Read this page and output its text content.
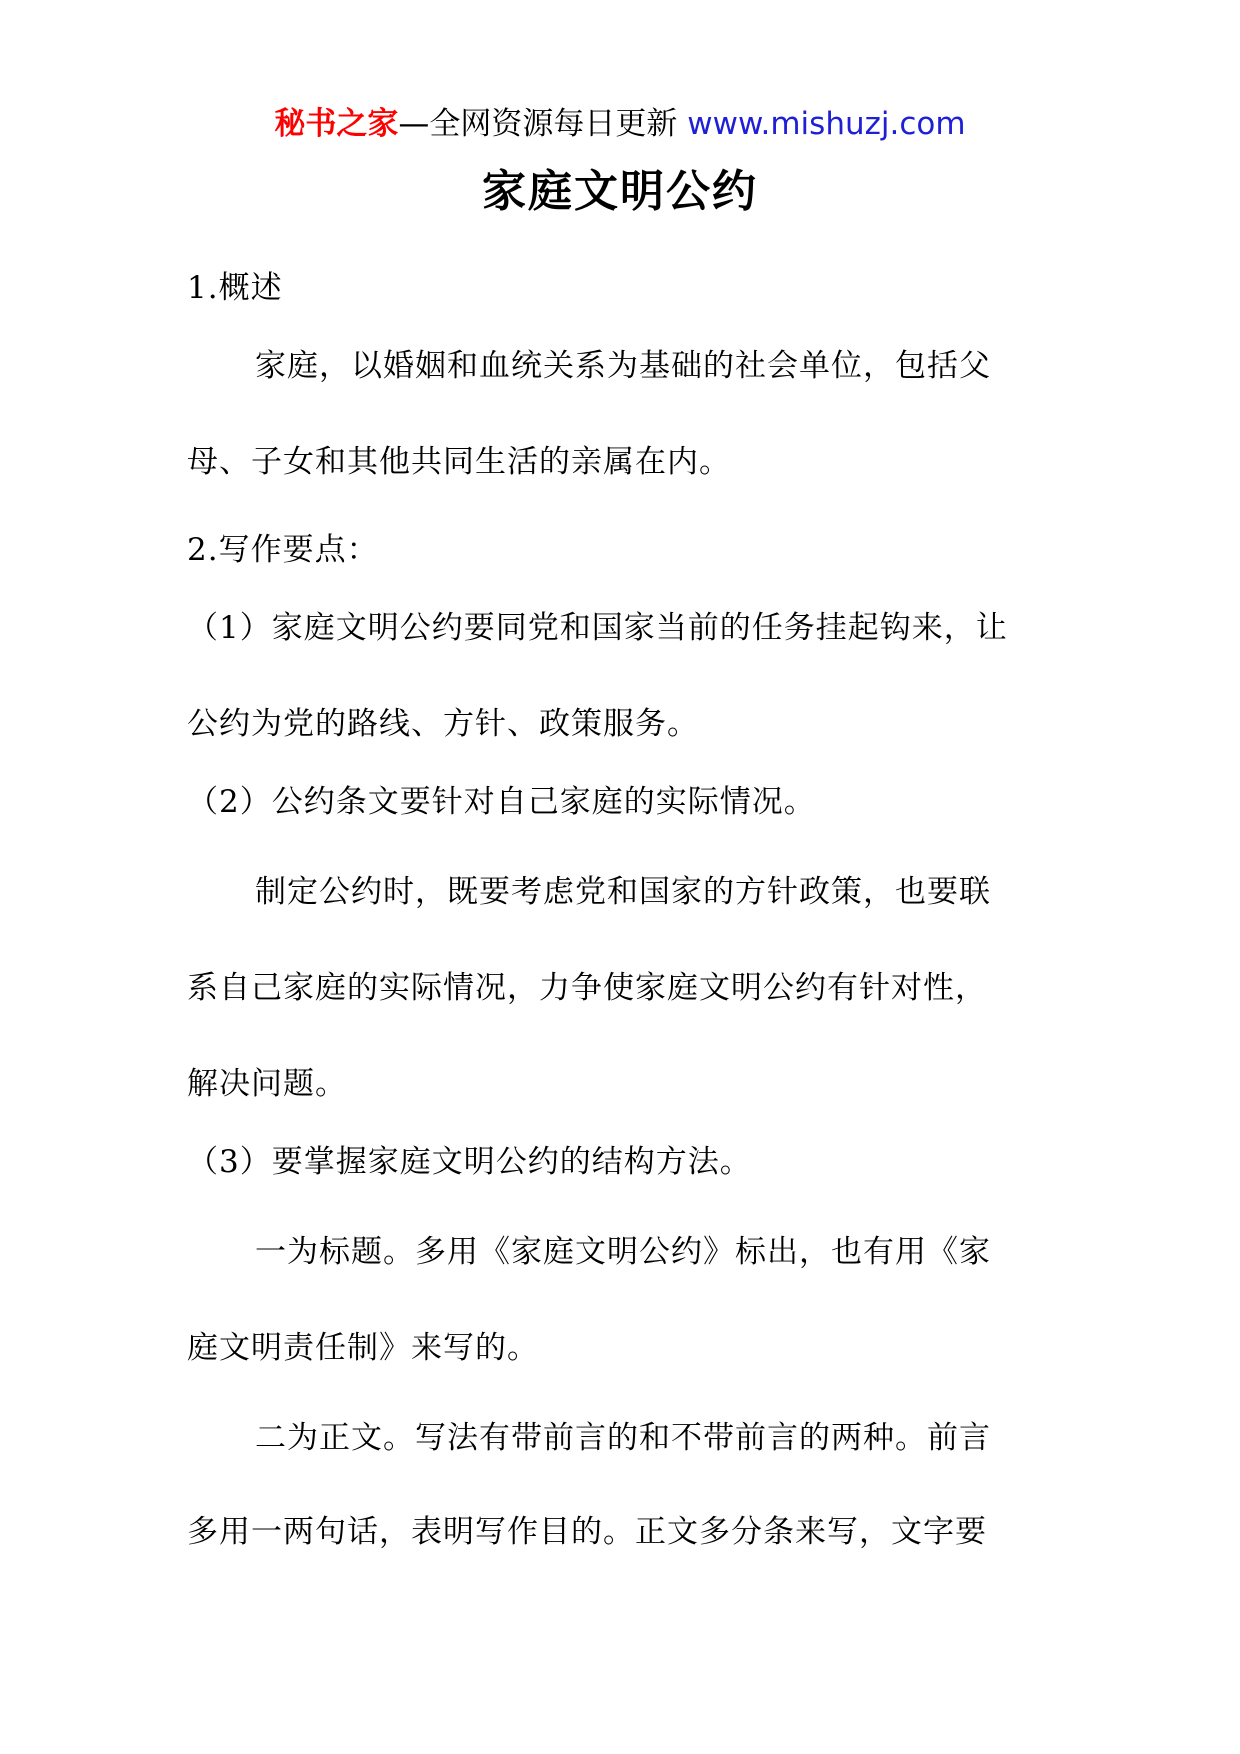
秘书之家—全网资源每日更新 www.mishuzj.com
家庭文明公约
1.概述
家庭，以婚姻和血统关系为基础的社会单位，包括父
母、子女和其他共同生活的亲属在内。
2.写作要点：
（1）家庭文明公约要同党和国家当前的任务挂起钩来，让
公约为党的路线、方针、政策服务。
（2）公约条文要针对自己家庭的实际情况。
制定公约时，既要考虑党和国家的方针政策，也要联
系自己家庭的实际情况，力争使家庭文明公约有针对性，
解决问题。
（3）要掌握家庭文明公约的结构方法。
一为标题。多用《家庭文明公约》标出，也有用《家
庭文明责任制》来写的。
二为正文。写法有带前言的和不带前言的两种。前言
多用一两句话，表明写作目的。正文多分条来写，文字要
